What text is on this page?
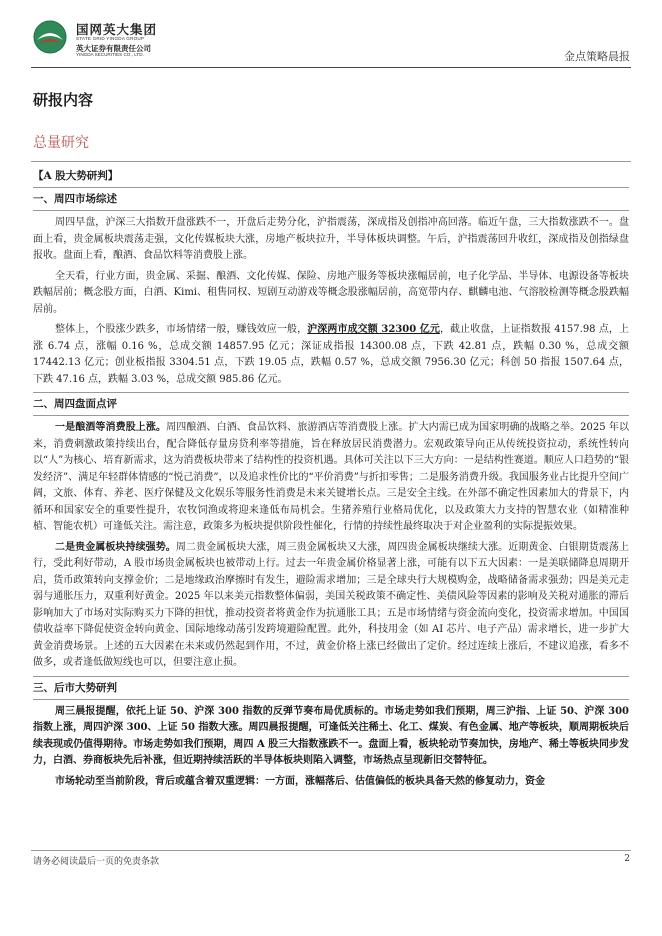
国网英大集团
STATE GRID YINGDA GROUP
英大证券有限责任公司
YINGDA SECURITIES CO., LTD.	金点策略晨报
研报内容
总量研究
【A 股大势研判】
一、周四市场综述

周四早盘，沪深三大指数开盘涨跌不一，开盘后走势分化，沪指震荡，深成指及创指冲高回落。临近午盘，三大指数涨跌不一。盘面上看，贵金属板块震荡走强，文化传媒板块大涨，房地产板块拉升，半导体板块调整。午后，沪指震荡回升收红，深成指及创指绿盘报收。盘面上看，酿酒、食品饮料等消费股上涨。

全天看，行业方面，贵金属、采掘、酿酒、文化传媒、保险、房地产服务等板块涨幅居前，电子化学品、半导体、电源设备等板块跌幅居前；概念股方面，白酒、Kimi、租售同权、短剧互动游戏等概念股涨幅居前，高宽带内存、麒麟电池、气溶胶检测等概念股跌幅居前。

整体上，个股涨少跌多，市场情绪一般，赚钱效应一般，沪深两市成交额 32300 亿元，截止收盘，上证指数报 4157.98 点，上涨 6.74 点，涨幅 0.16 %，总成交额 14857.95 亿元；深证成指报 14300.08 点，下跌 42.81 点，跌幅 0.30 %，总成交额 17442.13 亿元；创业板指报 3304.51 点，下跌 19.05 点，跌幅 0.57 %，总成交额 7956.30 亿元；科创 50 指报 1507.64 点，下跌 47.16 点，跌幅 3.03 %，总成交额 985.86 亿元。

二、周四盘面点评

一是酿酒等消费股上涨。周四酿酒、白酒、食品饮料、旅游酒店等消费股上涨。扩大内需已成为国家明确的战略之举。2025 年以来，消费刺激政策持续出台，配合降低存量房贷利率等措施，旨在释放居民消费潜力。宏观政策导向正从传统投资拉动，系统性转向以“人”为核心、培育新需求，这为消费板块带来了结构性的投资机遇。具体可关注以下三大方向：一是结构性赛道。顺应人口趋势的“银发经济”、满足年轻群体情感的“悦己消费”，以及追求性价比的“平价消费”与折扣零售；二是服务消费升级。我国服务业占比提升空间广阔，文旅、体育、养老、医疗保健及文化娱乐等服务性消费是未来关键增长点。三是安全主线。在外部不确定性因素加大的背景下，内循环和国家安全的重要性提升，农牧饲渔或将迎来逢低布局机会。生猪养殖行业格局优化，以及政策大力支持的智慧农业（如精准种植、智能农机）可逢低关注。需注意，政策多为板块提供阶段性催化，行情的持续性最终取决于对企业盈利的实际提振效果。

二是贵金属板块持续强势。周二贵金属板块大涨，周三贵金属板块又大涨，周四贵金属板块继续大涨。近期黄金、白银期货震荡上行，受此利好带动，A 股市场贵金属板块也被带动上行。过去一年贵金属价格显著上涨，可能有以下五大因素：一是美联储降息周期开启，货币政策转向支撑金价；二是地缘政治摩擦时有发生，避险需求增加；三是全球央行大规模购金，战略储备需求强劲；四是美元走弱与通胀压力，双重利好黄金。2025 年以来美元指数整体偏弱，美国关税政策不确定性、美债风险等因素的影响及关税对通胀的滞后影响加大了市场对实际购买力下降的担忧，推动投资者将黄金作为抗通胀工具；五是市场情绪与资金流向变化，投资需求增加。中国国债收益率下降促使资金转向黄金、国际地缘动荡引发跨境避险配置。此外，科技用金（如 AI 芯片、电子产品）需求增长，进一步扩大黄金消费场景。上述的五大因素在未来或仍然起到作用，不过，黄金价格上涨已经做出了定价。经过连续上涨后，不建议追涨，看多不做多，或者逢低做短线也可以，但要注意止损。

三、后市大势研判

周三晨报提醒，依托上证 50、沪深 300 指数的反弹节奏布局优质标的。市场走势如我们预期，周三沪指、上证 50、沪深 300 指数上涨，周四沪深 300、上证 50 指数大涨。周四晨报提醒，可逢低关注稀土、化工、煤炭、有色金属、地产等板块，顺周期板块后续表现或仍值得期待。市场走势如我们预期，周四 A 股三大指数涨跌不一。盘面上看，板块轮动节奏加快，房地产、稀土等板块同步发力，白酒、券商板块先后补涨，但近期持续活跃的半导体板块则陷入调整，市场热点呈现新旧交替特征。

市场轮动至当前阶段，背后或蕴含着双重逻辑：一方面，涨幅落后、估值偏低的板块具备天然的修复动力，资金

请务必阅读最后一页的免责条款	2
